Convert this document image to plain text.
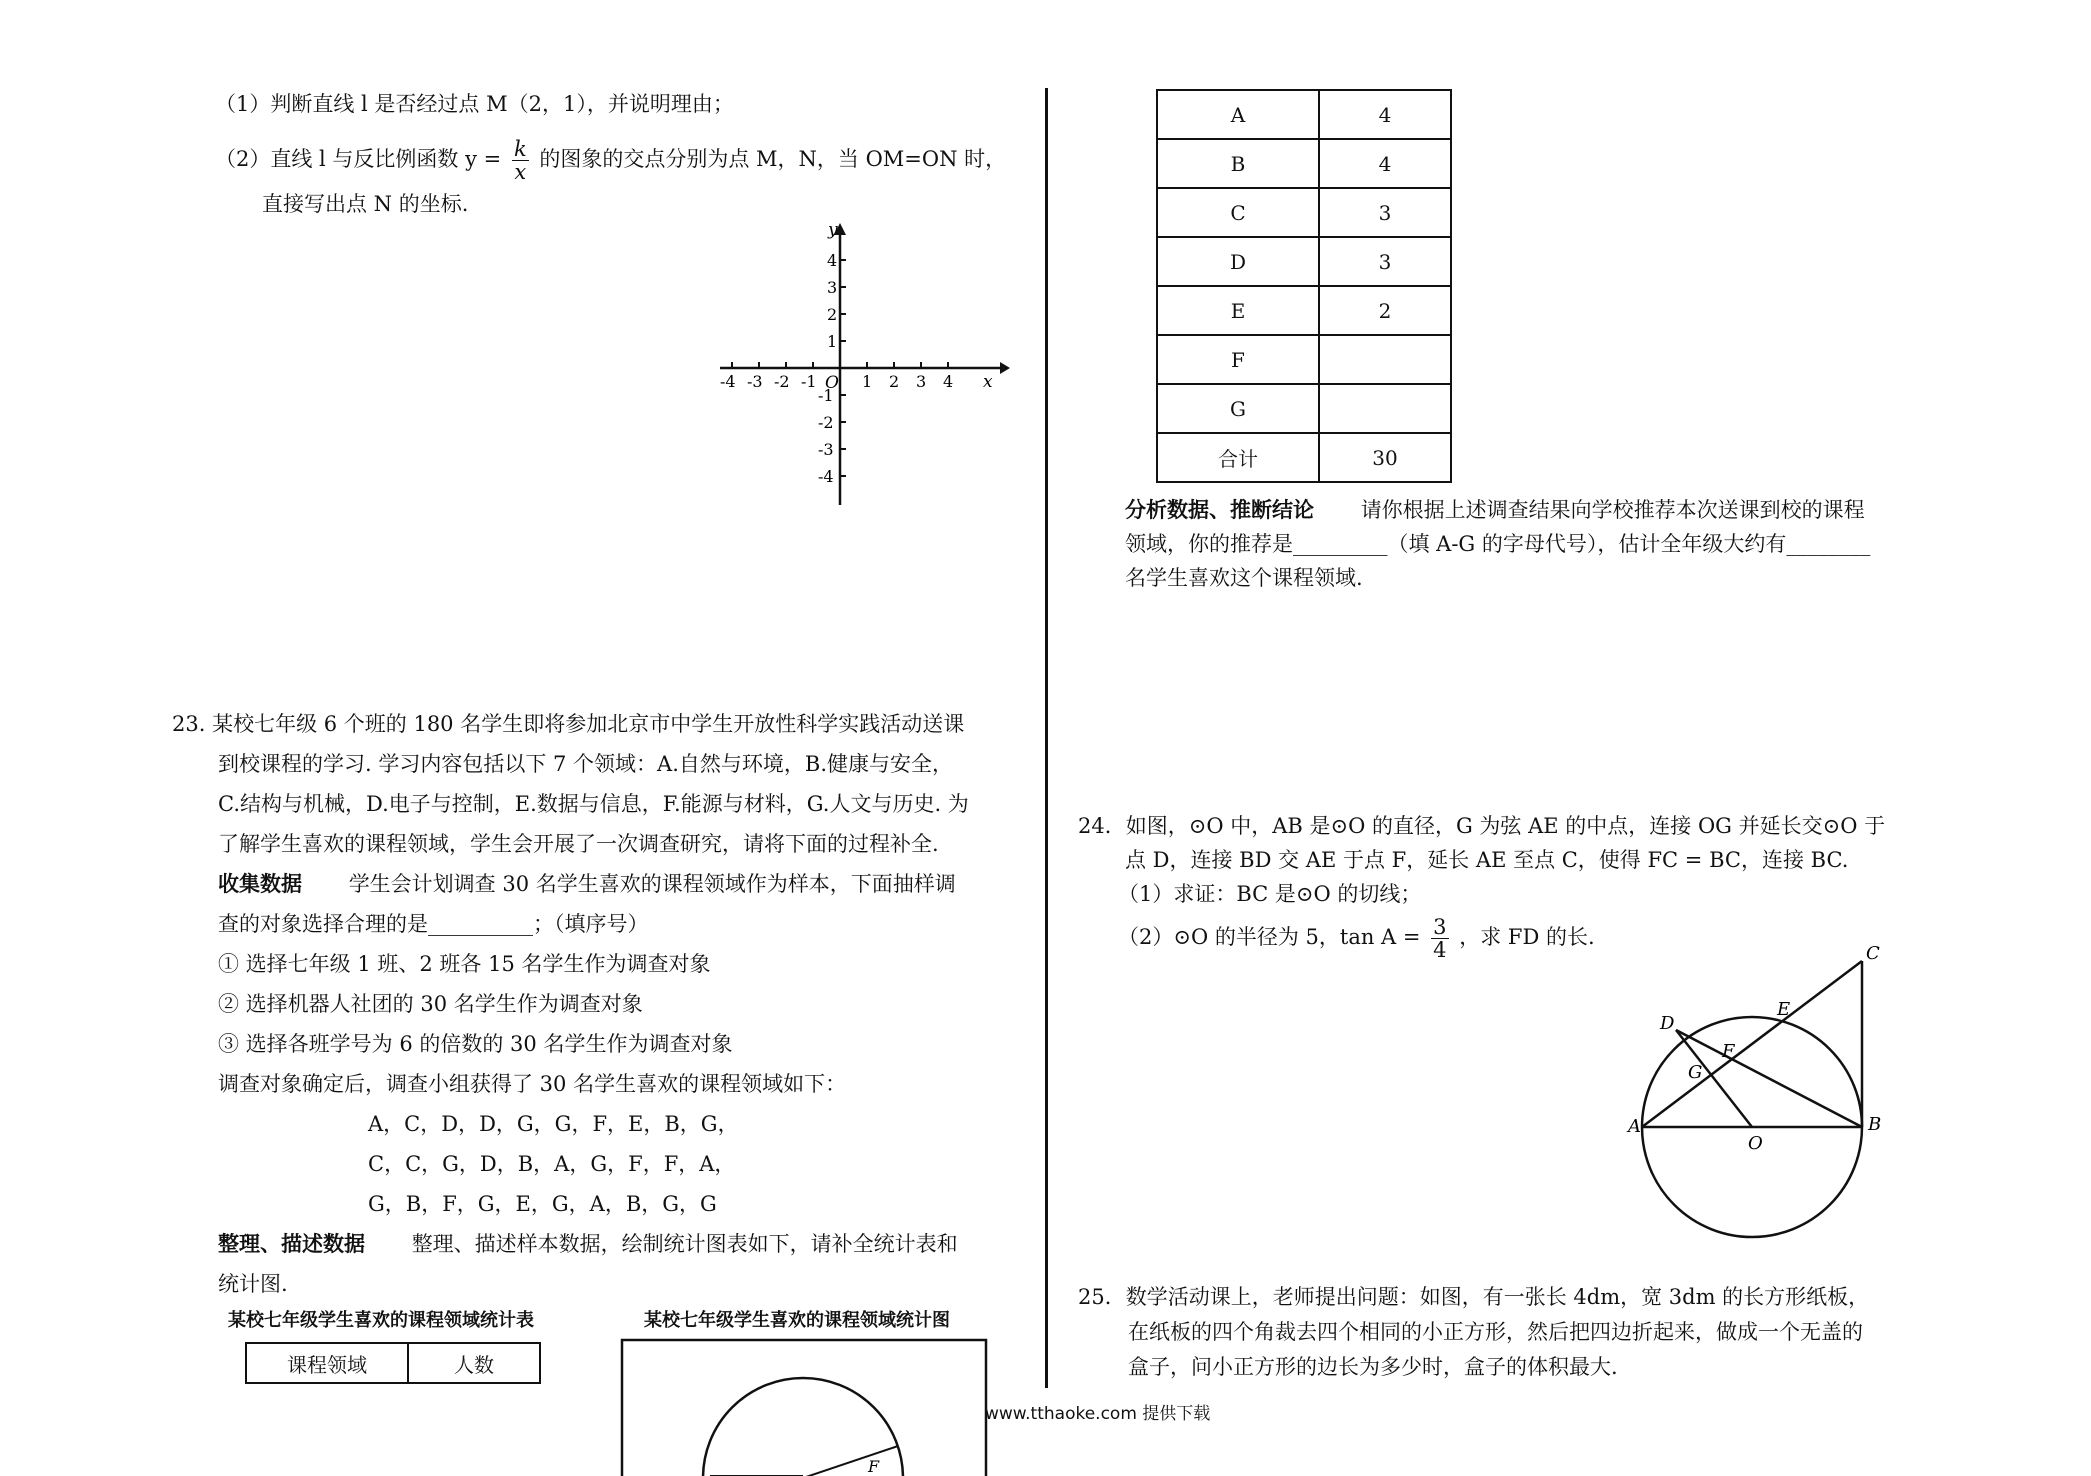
（1）判断直线 l 是否经过点 M（2，1），并说明理由；
（2）直线 l 与反比例函数 $y = \frac{k}{x}$ 的图象的交点分别为点 M，N，当 OM=ON 时，
直接写出点 N 的坐标.
-4 -3 -2 -1	1 2 3 4
4
3
2
1
-1
-2
-3
-4
x
y
O
23. 某校七年级 6 个班的 180 名学生即将参加北京市中学生开放性科学实践活动送课
到校课程的学习. 学习内容包括以下 7 个领域：A.自然与环境，B.健康与安全，
C.结构与机械，D.电子与控制，E.数据与信息，F.能源与材料，G.人文与历史. 为
了解学生喜欢的课程领域，学生会开展了一次调查研究，请将下面的过程补全.
收集数据 学生会计划调查 30 名学生喜欢的课程领域作为样本，下面抽样调
查的对象选择合理的是__________；（填序号）
① 选择七年级 1 班、2 班各 15 名学生作为调查对象
② 选择机器人社团的 30 名学生作为调查对象
③ 选择各班学号为 6 的倍数的 30 名学生作为调查对象
调查对象确定后，调查小组获得了 30 名学生喜欢的课程领域如下：
A，C，D，D，G，G，F，E，B，G，
C，C，G，D，B，A，G，F，F，A，
G，B，F，G，E，G，A，B，G，G
整理、描述数据 整理、描述样本数据，绘制统计图表如下，请补全统计表和
统计图.
某校七年级学生喜欢的课程领域统计表	某校七年级学生喜欢的课程领域统计图
课程领域	人数
F
A	4
B	4
C	3
D	3
E	2
F	
G	
合计	30
分析数据、推断结论 请你根据上述调查结果向学校推荐本次送课到校的课程
领域，你的推荐是_________（填 A-G 的字母代号），估计全年级大约有________
名学生喜欢这个课程领域.
24．如图，⊙O 中，AB 是⊙O 的直径，G 为弦 AE 的中点，连接 OG 并延长交⊙O 于
点 D，连接 BD 交 AE 于点 F，延长 AE 至点 C，使得 FC = BC，连接 BC.
（1）求证：BC 是⊙O 的切线；
（2）⊙O 的半径为 5，$\tan A = \frac{3}{4}$ ，求 FD 的长.
A	B
C
D
E
F
G
O
25．数学活动课上，老师提出问题：如图，有一张长 4dm，宽 3dm 的长方形纸板，
在纸板的四个角裁去四个相同的小正方形，然后把四边折起来，做成一个无盖的
盒子，问小正方形的边长为多少时，盒子的体积最大.
www.tthaoke.com 提供下载
